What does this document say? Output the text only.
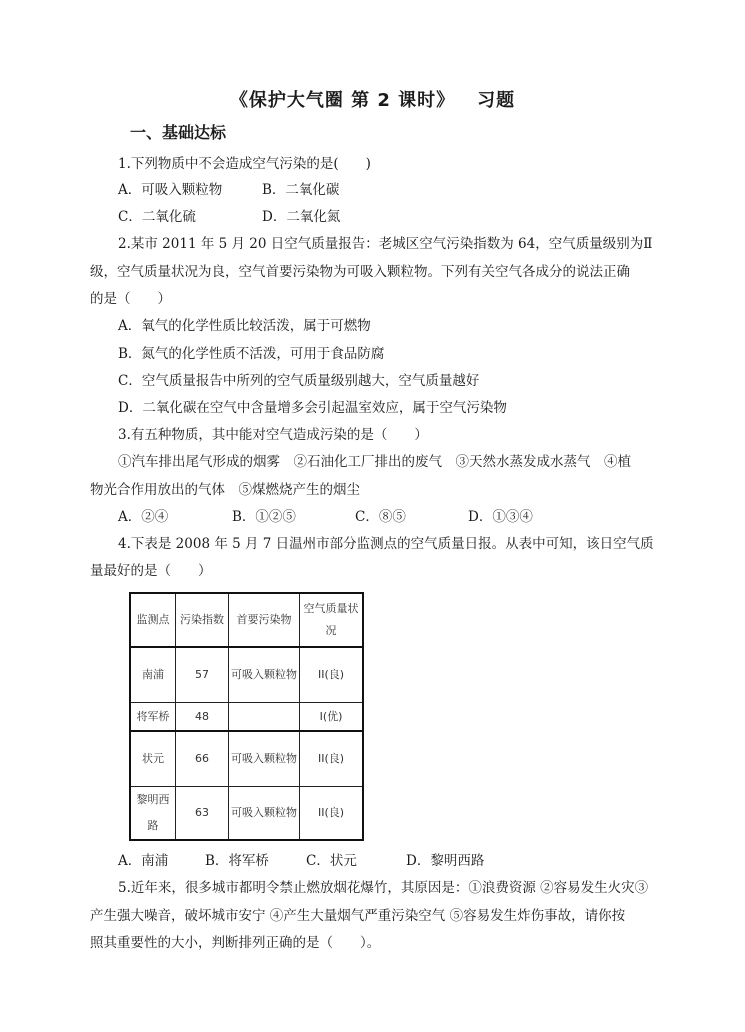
《保护大气圈 第 2 课时》 习题
一、基础达标
1.下列物质中不会造成空气污染的是(　　)
A．可吸入颗粒物	B．二氧化碳
C．二氧化硫	D．二氧化氮
2.某市 2011 年 5 月 20 日空气质量报告：老城区空气污染指数为 64，空气质量级别为Ⅱ
级，空气质量状况为良，空气首要污染物为可吸入颗粒物。下列有关空气各成分的说法正确
的是（　　）
A．氧气的化学性质比较活泼，属于可燃物
B．氮气的化学性质不活泼，可用于食品防腐
C．空气质量报告中所列的空气质量级别越大，空气质量越好
D．二氧化碳在空气中含量增多会引起温室效应，属于空气污染物
3.有五种物质，其中能对空气造成污染的是（　　）
①汽车排出尾气形成的烟雾　②石油化工厂排出的废气　③天然水蒸发成水蒸气　④植
物光合作用放出的气体　⑤煤燃烧产生的烟尘
A．②④	B．①②⑤	C．⑧⑤	D．①③④
4.下表是 2008 年 5 月 7 日温州市部分监测点的空气质量日报。从表中可知，该日空气质
量最好的是（　　）
监测点	污染指数	首要污染物	空气质量状况
南浦	57	可吸入颗粒物	II(良)
将军桥	48		I(优)
状元	66	可吸入颗粒物	II(良)
黎明西路	63	可吸入颗粒物	II(良)
A．南浦	B．将军桥	C．状元	D．黎明西路
5.近年来，很多城市都明令禁止燃放烟花爆竹，其原因是：①浪费资源 ②容易发生火灾③
产生强大噪音，破坏城市安宁 ④产生大量烟气严重污染空气 ⑤容易发生炸伤事故，请你按
照其重要性的大小，判断排列正确的是（　　）。
